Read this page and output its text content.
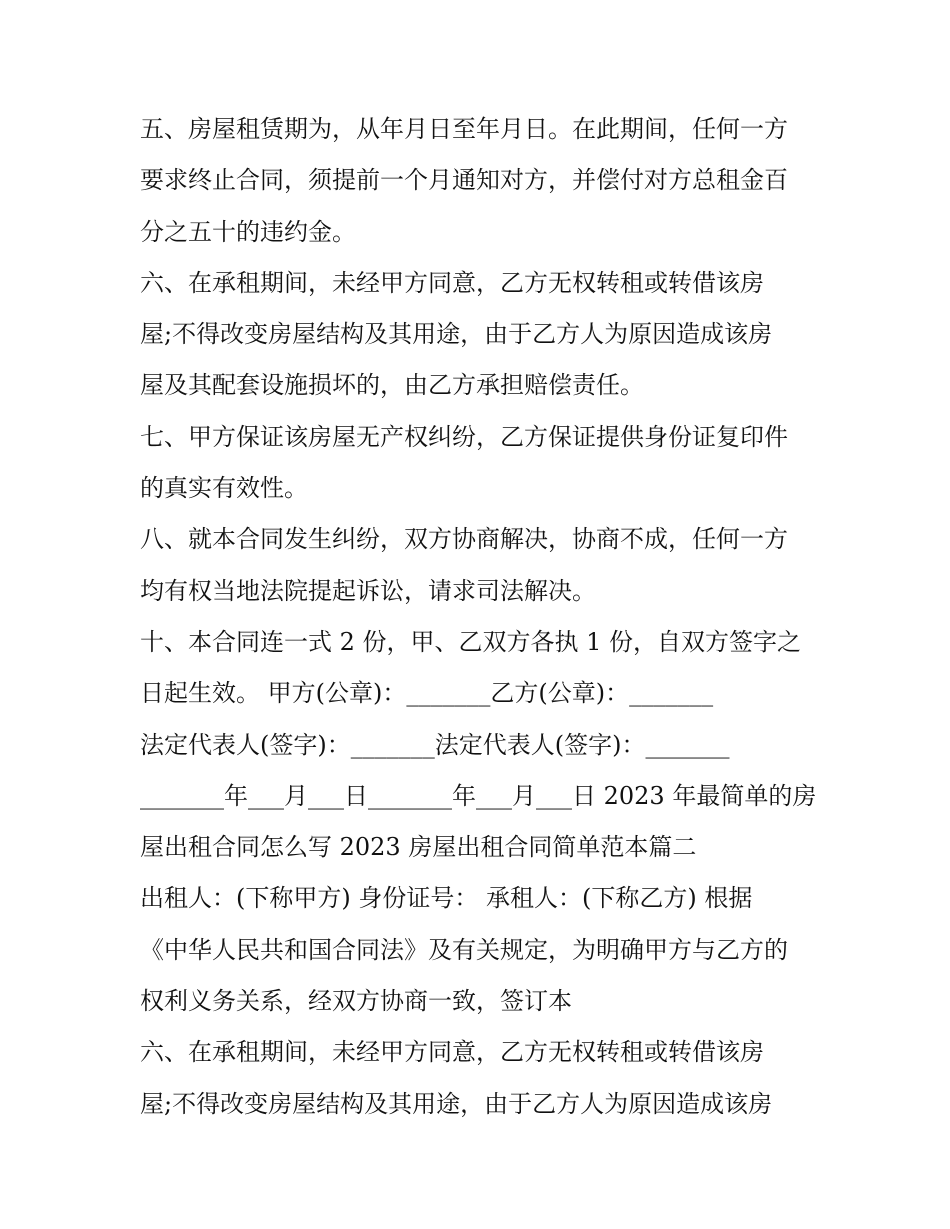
五、房屋租赁期为，从年月日至年月日。在此期间，任何一方

要求终止合同，须提前一个月通知对方，并偿付对方总租金百

分之五十的违约金。

六、在承租期间，未经甲方同意，乙方无权转租或转借该房

屋;不得改变房屋结构及其用途，由于乙方人为原因造成该房

屋及其配套设施损坏的，由乙方承担赔偿责任。

七、甲方保证该房屋无产权纠纷，乙方保证提供身份证复印件

的真实有效性。

八、就本合同发生纠纷，双方协商解决，协商不成，任何一方

均有权当地法院提起诉讼，请求司法解决。

十、本合同连一式 2 份，甲、乙双方各执 1 份，自双方签字之

日起生效。 甲方(公章)：_______乙方(公章)：_______

法定代表人(签字)：_______法定代表人(签字)：_______

_______年___月___日_______年___月___日 2023 年最简单的房

屋出租合同怎么写 2023 房屋出租合同简单范本篇二

出租人：(下称甲方) 身份证号： 承租人：(下称乙方) 根据

《中华人民共和国合同法》及有关规定，为明确甲方与乙方的

权利义务关系，经双方协商一致，签订本

六、在承租期间，未经甲方同意，乙方无权转租或转借该房

屋;不得改变房屋结构及其用途，由于乙方人为原因造成该房
